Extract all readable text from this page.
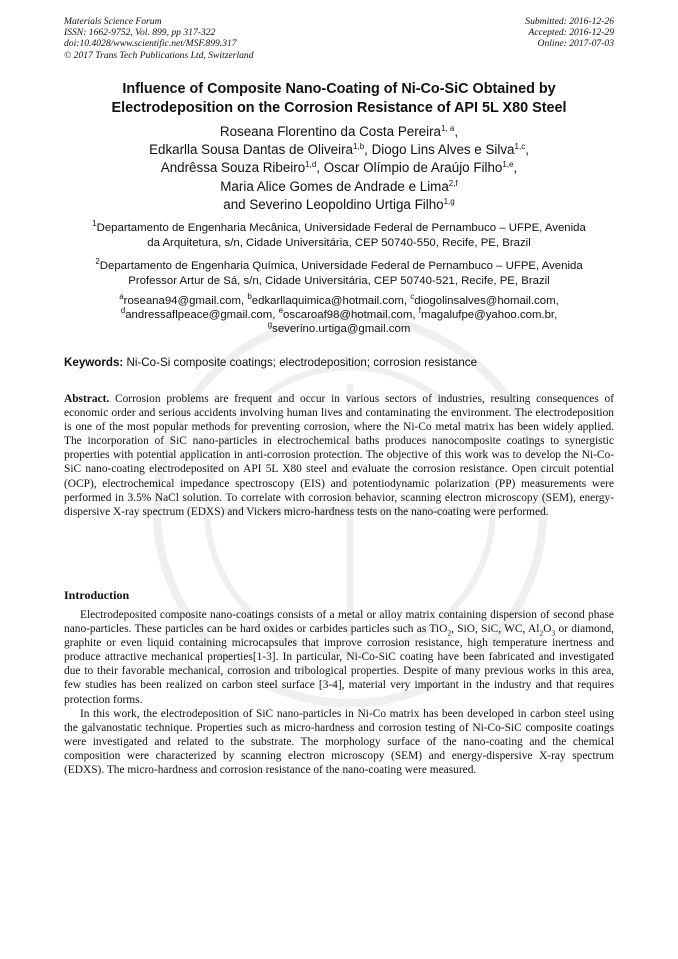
Materials Science Forum
ISSN: 1662-9752, Vol. 899, pp 317-322
doi:10.4028/www.scientific.net/MSF.899.317
© 2017 Trans Tech Publications Ltd, Switzerland
Submitted: 2016-12-26
Accepted: 2016-12-29
Online: 2017-07-03
Influence of Composite Nano-Coating of Ni-Co-SiC Obtained by
Electrodeposition on the Corrosion Resistance of API 5L X80 Steel
Roseana Florentino da Costa Pereira$^{1, a}$,
Edkarlla Sousa Dantas de Oliveira$^{1,b}$, Diogo Lins Alves e Silva$^{1,c}$,
Andrêssa Souza Ribeiro$^{1,d}$, Oscar Olímpio de Araújo Filho$^{1,e}$,
Maria Alice Gomes de Andrade e Lima$^{2,f}$
and Severino Leopoldino Urtiga Filho$^{1,g}$
$^1$Departamento de Engenharia Mecânica, Universidade Federal de Pernambuco – UFPE, Avenida
da Arquitetura, s/n, Cidade Universitária, CEP 50740-550, Recife, PE, Brazil
$^2$Departamento de Engenharia Química, Universidade Federal de Pernambuco – UFPE, Avenida
Professor Artur de Sá, s/n, Cidade Universitária, CEP 50740-521, Recife, PE, Brazil
$^a$roseana94@gmail.com, $^b$edkarllaquimica@hotmail.com, $^c$diogolinsalves@homail.com,
$^d$andressaflpeace@gmail.com, $^e$oscaroaf98@hotmail.com, $^f$magalufpe@yahoo.com.br,
$^g$severino.urtiga@gmail.com
Keywords: Ni-Co-Si composite coatings; electrodeposition; corrosion resistance
Abstract. Corrosion problems are frequent and occur in various sectors of industries, resulting consequences of economic order and serious accidents involving human lives and contaminating the environment. The electrodeposition is one of the most popular methods for preventing corrosion, where the Ni-Co metal matrix has been widely applied. The incorporation of SiC nano-particles in electrochemical baths produces nanocomposite coatings to synergistic properties with potential application in anti-corrosion protection. The objective of this work was to develop the Ni-Co-SiC nano-coating electrodeposited on API 5L X80 steel and evaluate the corrosion resistance. Open circuit potential (OCP), electrochemical impedance spectroscopy (EIS) and potentiodynamic polarization (PP) measurements were performed in 3.5% NaCl solution. To correlate with corrosion behavior, scanning electron microscopy (SEM), energy-dispersive X-ray spectrum (EDXS) and Vickers micro-hardness tests on the nano-coating were performed.
Introduction

Electrodeposited composite nano-coatings consists of a metal or alloy matrix containing dispersion of second phase nano-particles. These particles can be hard oxides or carbides particles such as TiO$_2$, SiO, SiC, WC, $Al_2O_3$ or diamond, graphite or even liquid containing microcapsules that improve corrosion resistance, high temperature inertness and produce attractive mechanical properties[1-3]. In particular, Ni-Co-SiC coating have been fabricated and investigated due to their favorable mechanical, corrosion and tribological properties. Despite of many previous works in this area, few studies has been realized on carbon steel surface [3-4], material very important in the industry and that requires protection forms.

In this work, the electrodeposition of SiC nano-particles in Ni-Co matrix has been developed in carbon steel using the galvanostatic technique. Properties such as micro-hardness and corrosion testing of Ni-Co-SiC composite coatings were investigated and related to the substrate. The morphology surface of the nano-coating and the chemical composition were characterized by scanning electron microscopy (SEM) and energy-dispersive X-ray spectrum (EDXS). The micro-hardness and corrosion resistance of the nano-coating were measured.
